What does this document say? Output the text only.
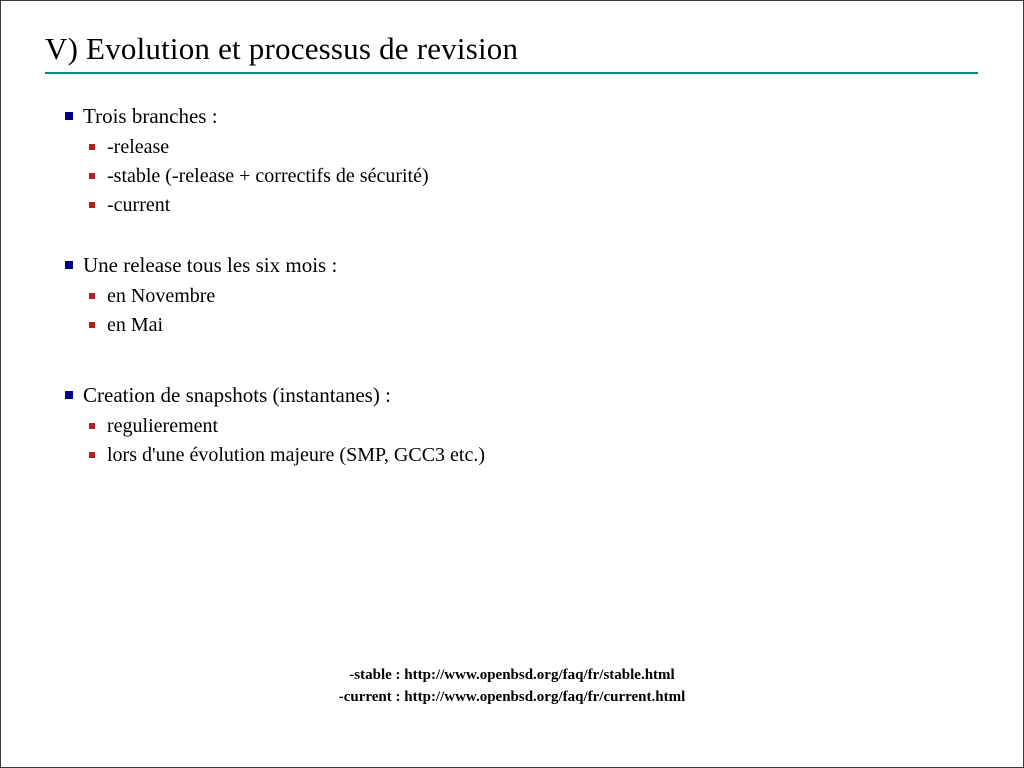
V) Evolution et processus de revision
Trois branches :
-release
-stable (-release + correctifs de sécurité)
-current
Une release tous les six mois :
en Novembre
en Mai
Creation de snapshots (instantanes) :
regulierement
lors d'une évolution majeure (SMP, GCC3 etc.)
-stable : http://www.openbsd.org/faq/fr/stable.html
-current : http://www.openbsd.org/faq/fr/current.html
